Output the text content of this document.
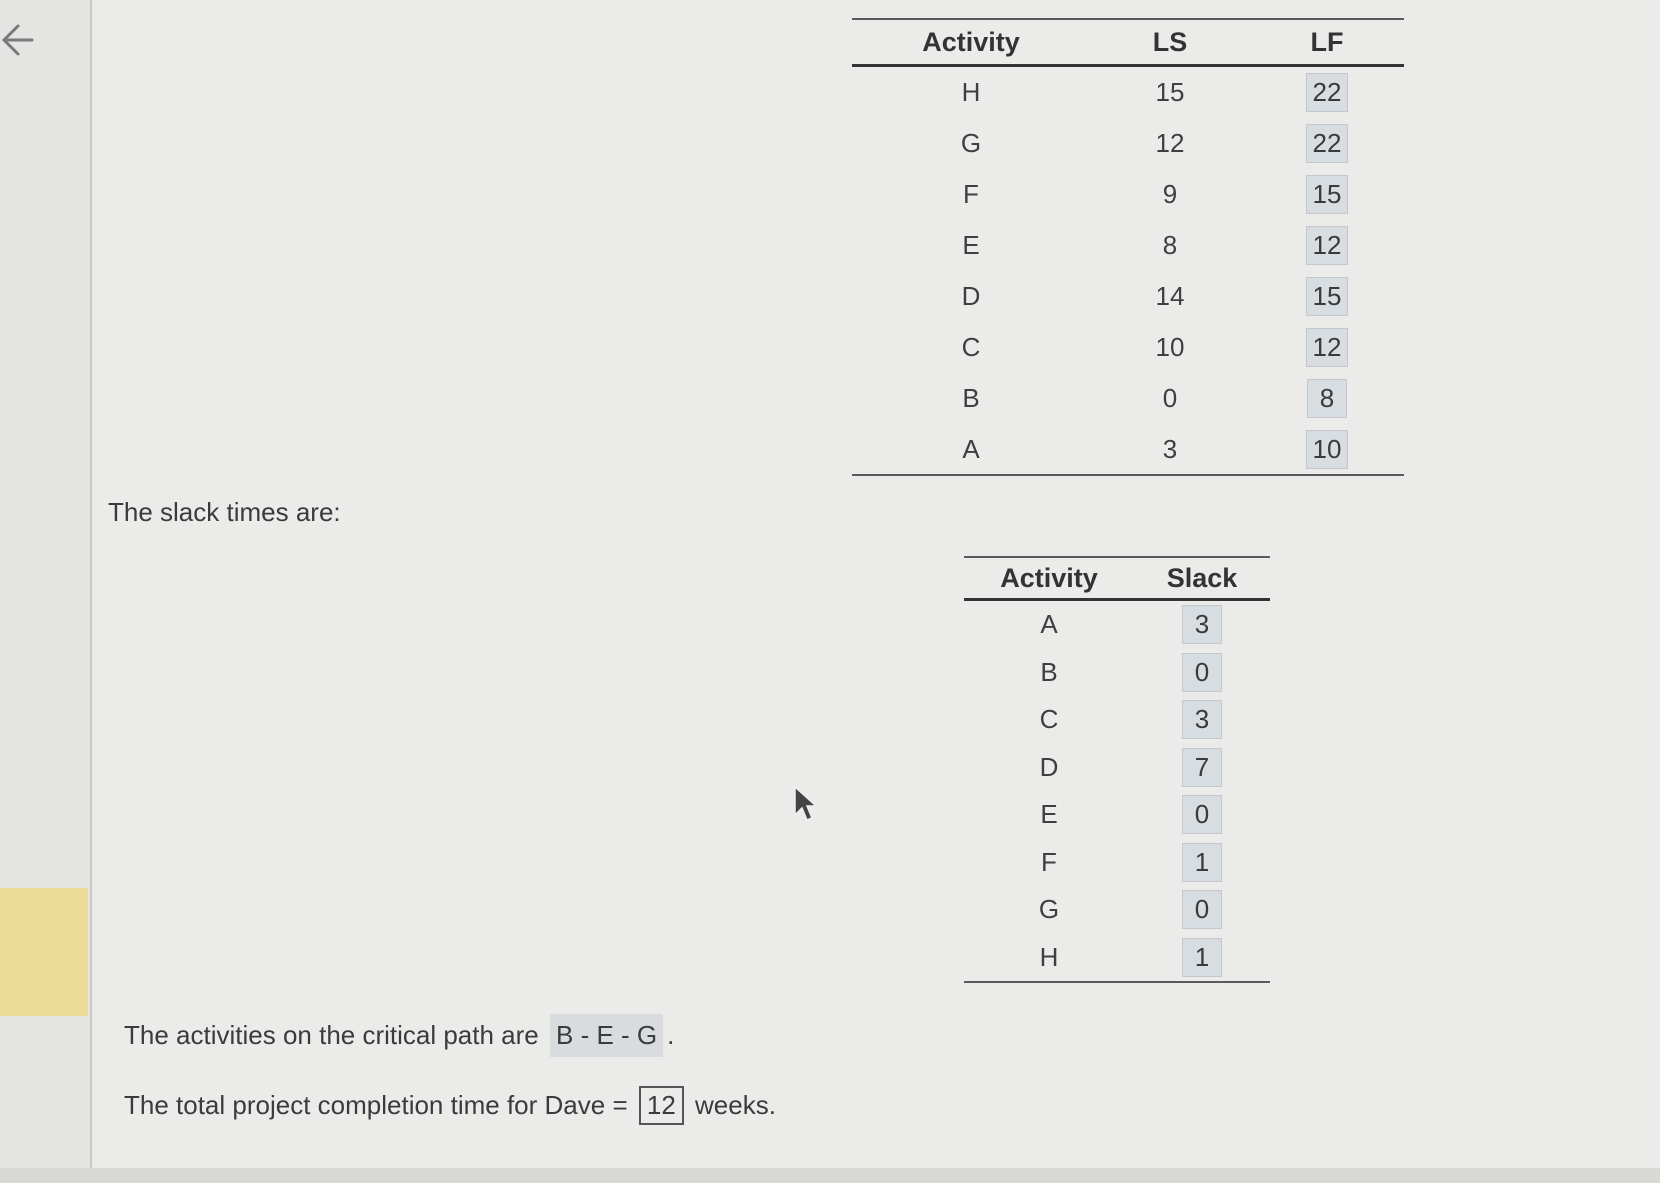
Activity	LS	LF
H	15	22
G	12	22
F	9	15
E	8	12
D	14	15
C	10	12
B	0	8
A	3	10
The slack times are:
Activity	Slack
A	3
B	0
C	3
D	7
E	0
F	1
G	0
H	1
The activities on the critical path are B - E - G .
The total project completion time for Dave = 12 weeks.
